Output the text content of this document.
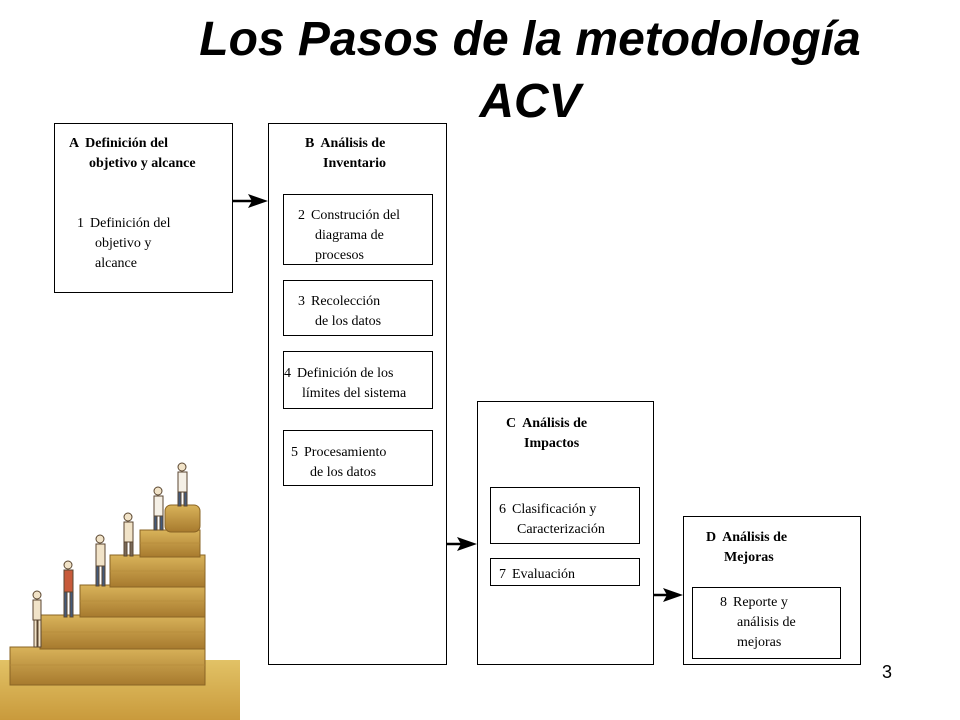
Los Pasos de la metodología
ACV
A Definición del
objetivo y alcance
1 Definición del
objetivo y
alcance
B Análisis de
Inventario
2 Construción del
diagrama de
procesos
3 Recolección
de los datos
4 Definición de los
límites del sistema
5 Procesamiento
de los datos
C Análisis de
Impactos
6 Clasificación y
Caracterización
7 Evaluación
D Análisis de
Mejoras
8 Reporte y
análisis de
mejoras
3
